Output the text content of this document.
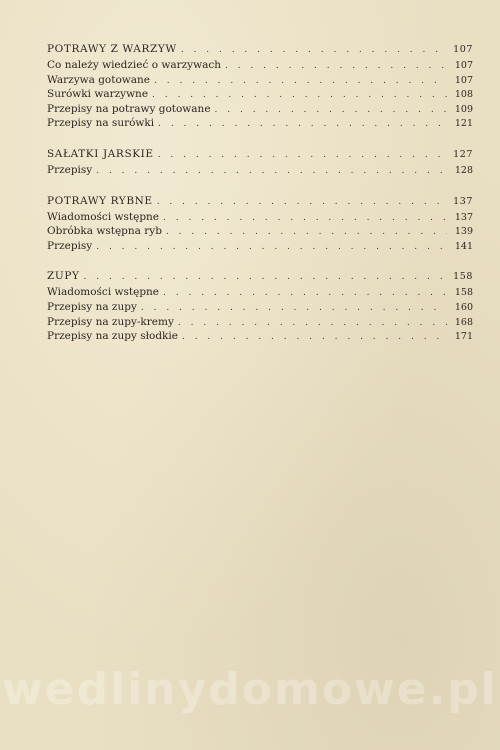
POTRAWY Z WARZYW . . .	107
Co należy wiedzieć o warzywach . . .	107
Warzywa gotowane . . .	107
Surówki warzywne . . .	108
Przepisy na potrawy gotowane . . .	109
Przepisy na surówki . . .	121
SAŁATKI JARSKIE . . .	127
Przepisy . . .	128
POTRAWY RYBNE . . .	137
Wiadomości wstępne . . .	137
Obróbka wstępna ryb . . .	139
Przepisy . . .	141
ZUPY . . .	158
Wiadomości wstępne . . .	158
Przepisy na zupy . . .	160
Przepisy na zupy-kremy . . .	168
Przepisy na zupy słodkie . . .	171
wedlinydomowe.pl
